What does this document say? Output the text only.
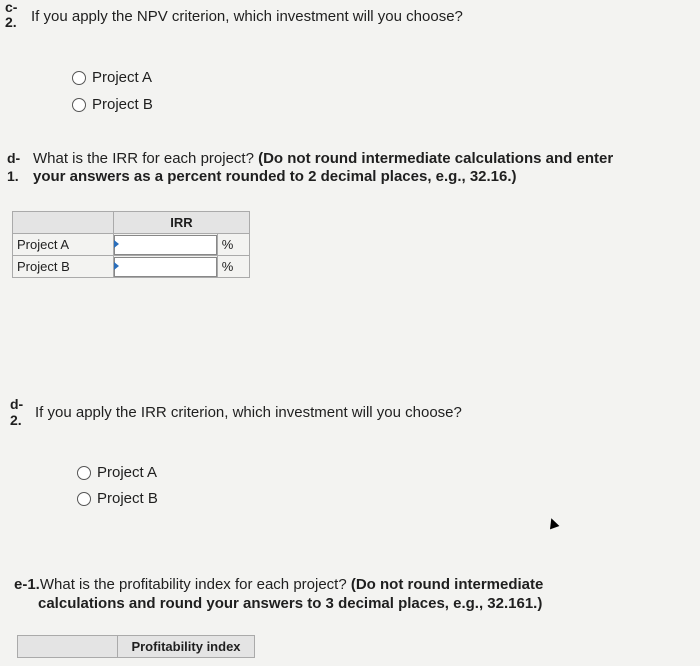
c-
2. If you apply the NPV criterion, which investment will you choose?
Project A
Project B
d-
1.
What is the IRR for each project? (Do not round intermediate calculations and enter
your answers as a percent rounded to 2 decimal places, e.g., 32.16.)
	IRR	
Project A		%
Project B		%
d-
2. If you apply the IRR criterion, which investment will you choose?
Project A
Project B
e-1.What is the profitability index for each project? (Do not round intermediate
calculations and round your answers to 3 decimal places, e.g., 32.161.)
	Profitability index
